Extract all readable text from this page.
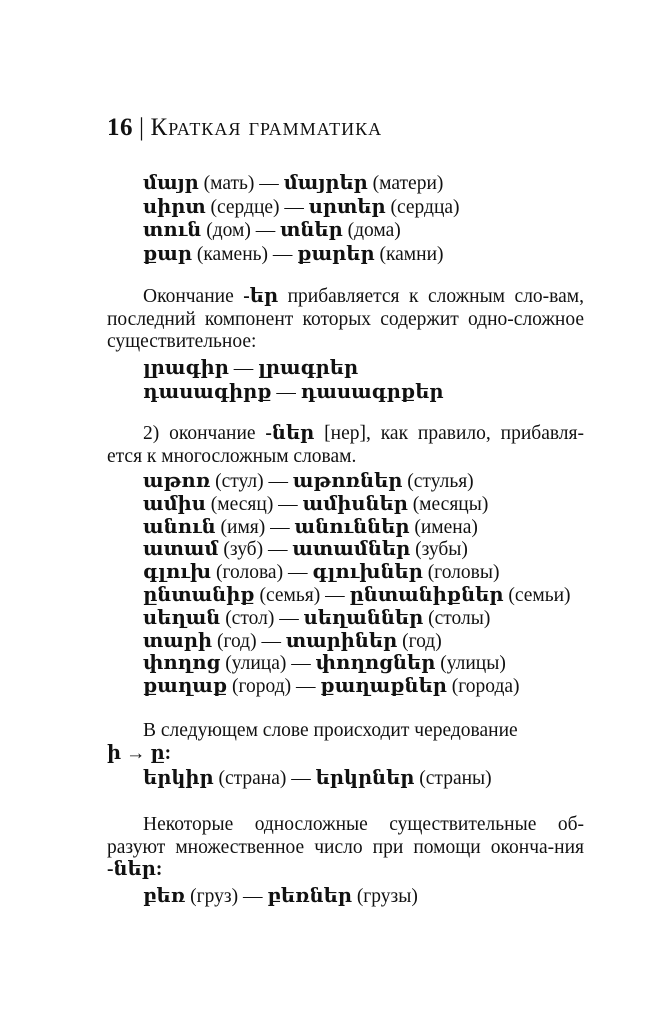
16 | Краткая грамматика
մայր (мать) — մայրեր (матери)
սիրտ (сердце) — սրտեր (сердца)
տուն (дом) — տներ (дома)
քար (камень) — քարեր (камни)

Окончание -եր прибавляется к сложным сло-вам, последний компонент которых содержит одно-сложное существительное:

լրագիր — լրագրեր
դասագիրք — դասագրքեր

2) окончание -ներ [нер], как правило, прибавля-ется к многосложным словам.

աթոռ (стул) — աթոռներ (стулья)
ամիս (месяц) — ամիսներ (месяцы)
անուն (имя) — անուններ (имена)
ատամ (зуб) — ատամներ (зубы)
գլուխ (голова) — գլուխներ (головы)
ընտանիք (семья) — ընտանիքներ (семьи)
սեղան (стол) — սեղաններ (столы)
տարի (год) — տարիներ (год)
փողոց (улица) — փողոցներ (улицы)
քաղաք (город) — քաղաքներ (города)

В следующем слове происходит чередование

ի → ը:
երկիր (страна) — երկրներ (страны)

Некоторые односложные существительные об-разуют множественное число при помощи оконча-ния -ներ:

բեռ (груз) — բեռներ (грузы)
